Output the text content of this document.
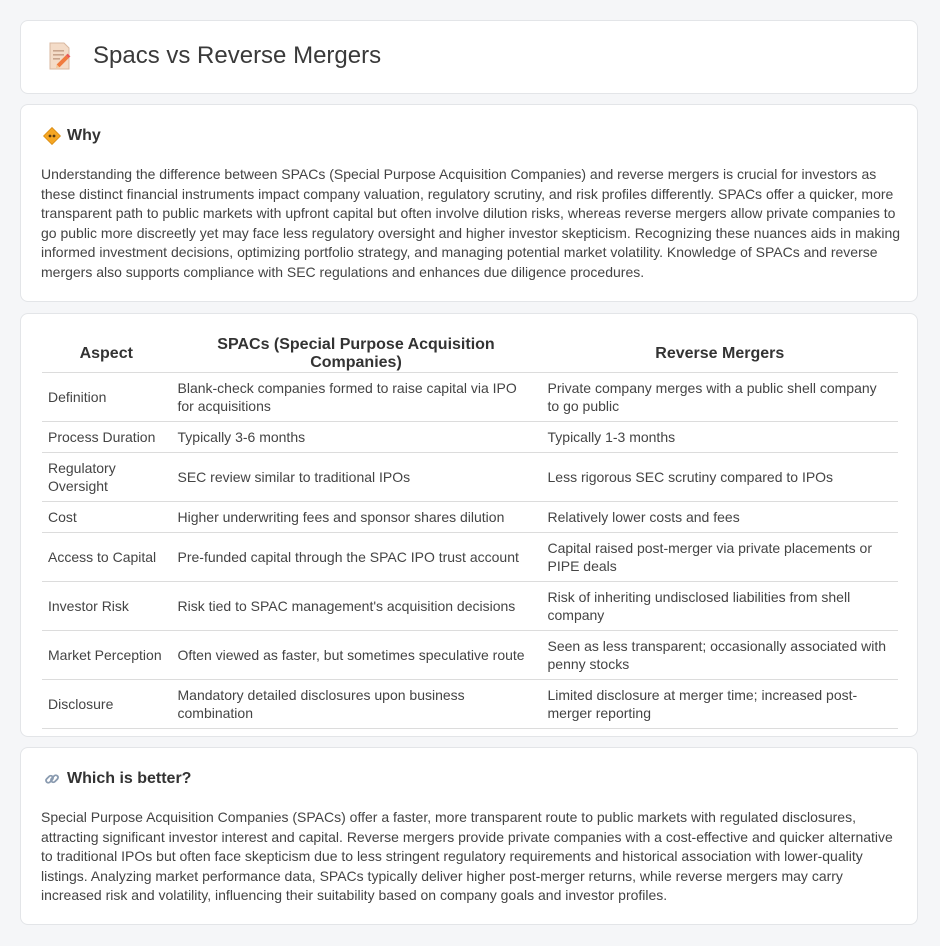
Spacs vs Reverse Mergers
Why

Understanding the difference between SPACs (Special Purpose Acquisition Companies) and reverse mergers is crucial for investors as these distinct financial instruments impact company valuation, regulatory scrutiny, and risk profiles differently. SPACs offer a quicker, more transparent path to public markets with upfront capital but often involve dilution risks, whereas reverse mergers allow private companies to go public more discreetly yet may face less regulatory oversight and higher investor skepticism. Recognizing these nuances aids in making informed investment decisions, optimizing portfolio strategy, and managing potential market volatility. Knowledge of SPACs and reverse mergers also supports compliance with SEC regulations and enhances due diligence procedures.

Aspect	SPACs (Special Purpose Acquisition Companies)	Reverse Mergers
Definition	Blank-check companies formed to raise capital via IPO for acquisitions	Private company merges with a public shell company to go public
Process Duration	Typically 3-6 months	Typically 1-3 months
Regulatory Oversight	SEC review similar to traditional IPOs	Less rigorous SEC scrutiny compared to IPOs
Cost	Higher underwriting fees and sponsor shares dilution	Relatively lower costs and fees
Access to Capital	Pre-funded capital through the SPAC IPO trust account	Capital raised post-merger via private placements or PIPE deals
Investor Risk	Risk tied to SPAC management's acquisition decisions	Risk of inheriting undisclosed liabilities from shell company
Market Perception	Often viewed as faster, but sometimes speculative route	Seen as less transparent; occasionally associated with penny stocks
Disclosure	Mandatory detailed disclosures upon business combination	Limited disclosure at merger time; increased post-merger reporting
Which is better?

Special Purpose Acquisition Companies (SPACs) offer a faster, more transparent route to public markets with regulated disclosures, attracting significant investor interest and capital. Reverse mergers provide private companies with a cost-effective and quicker alternative to traditional IPOs but often face skepticism due to less stringent regulatory requirements and historical association with lower-quality listings. Analyzing market performance data, SPACs typically deliver higher post-merger returns, while reverse mergers may carry increased risk and volatility, influencing their suitability based on company goals and investor profiles.
